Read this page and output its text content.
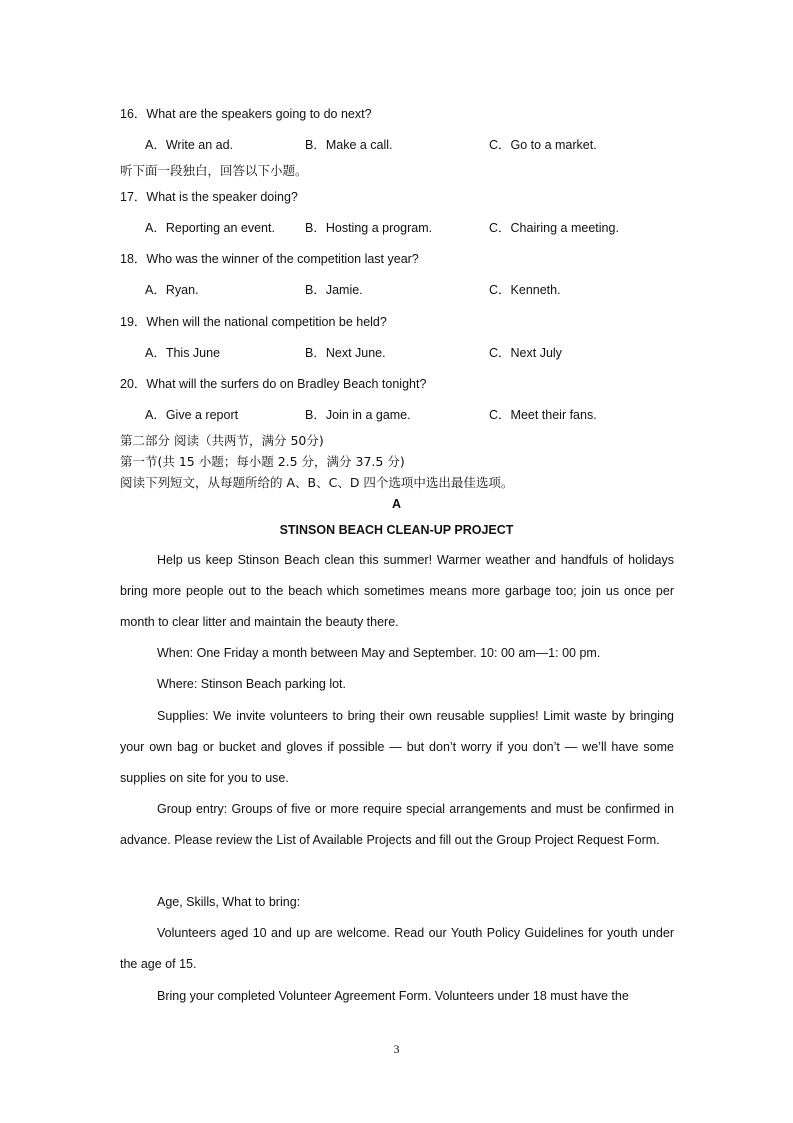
16．What are the speakers going to do next?
A．Write an ad.	B．Make a call.	C．Go to a market.
听下面一段独白，回答以下小题。
17．What is the speaker doing?
A．Reporting an event. B．Hosting a program.	C．Chairing a meeting.
18．Who was the winner of the competition last year?
A．Ryan.	B．Jamie.	C．Kenneth.
19．When will the national competition be held?
A．This June	B．Next June.	C．Next July
20．What will the surfers do on Bradley Beach tonight?
A．Give a report	B．Join in a game.	C．Meet their fans.
第二部分 阅读（共两节，满分 50分)
第一节(共 15 小题；每小题 2.5 分，满分 37.5 分)
阅读下列短文，从每题所给的 A、B、C、D 四个选项中选出最佳选项。
A
STINSON BEACH CLEAN-UP PROJECT

Help us keep Stinson Beach clean this summer! Warmer weather and handfuls of holidays bring more people out to the beach which sometimes means more garbage too; join us once per month to clear litter and maintain the beauty there.

When: One Friday a month between May and September. 10: 00 am—1: 00 pm.

Where: Stinson Beach parking lot.

Supplies: We invite volunteers to bring their own reusable supplies! Limit waste by bringing your own bag or bucket and gloves if possible — but don’t worry if you don’t — we’ll have some supplies on site for you to use.

Group entry: Groups of five or more require special arrangements and must be confirmed in advance. Please review the List of Available Projects and fill out the Group Project Request Form.

Age, Skills, What to bring:

Volunteers aged 10 and up are welcome. Read our Youth Policy Guidelines for youth under the age of 15.

Bring your completed Volunteer Agreement Form. Volunteers under 18 must have the

3
